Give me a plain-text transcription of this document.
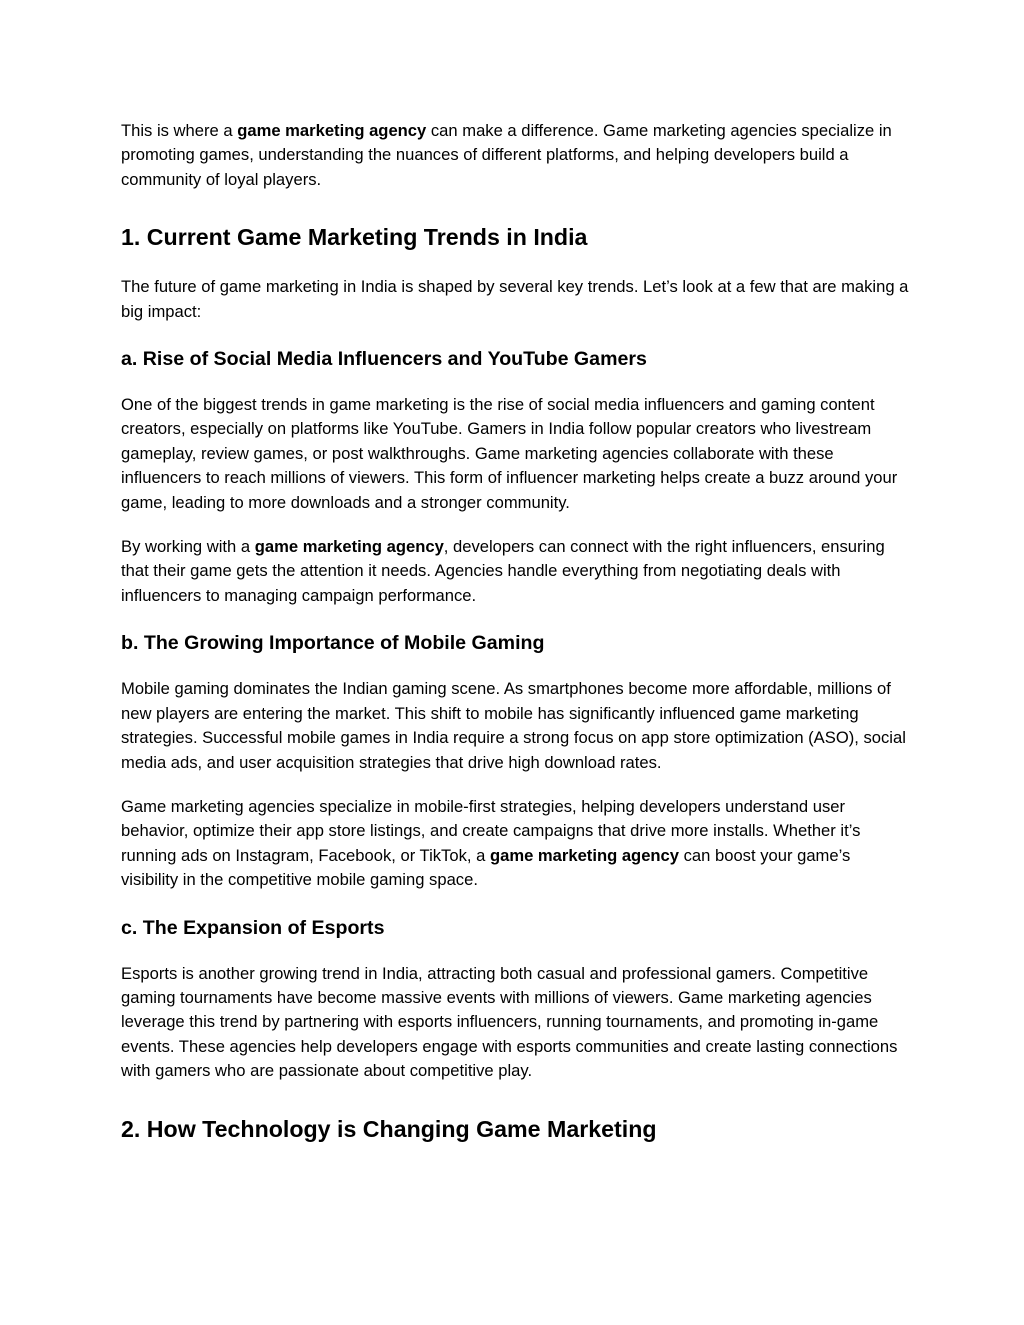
This is where a game marketing agency can make a difference. Game marketing agencies specialize in promoting games, understanding the nuances of different platforms, and helping developers build a community of loyal players.

1. Current Game Marketing Trends in India

The future of game marketing in India is shaped by several key trends. Let’s look at a few that are making a big impact:

a. Rise of Social Media Influencers and YouTube Gamers

One of the biggest trends in game marketing is the rise of social media influencers and gaming content creators, especially on platforms like YouTube. Gamers in India follow popular creators who livestream gameplay, review games, or post walkthroughs. Game marketing agencies collaborate with these influencers to reach millions of viewers. This form of influencer marketing helps create a buzz around your game, leading to more downloads and a stronger community.

By working with a game marketing agency, developers can connect with the right influencers, ensuring that their game gets the attention it needs. Agencies handle everything from negotiating deals with influencers to managing campaign performance.

b. The Growing Importance of Mobile Gaming

Mobile gaming dominates the Indian gaming scene. As smartphones become more affordable, millions of new players are entering the market. This shift to mobile has significantly influenced game marketing strategies. Successful mobile games in India require a strong focus on app store optimization (ASO), social media ads, and user acquisition strategies that drive high download rates.

Game marketing agencies specialize in mobile-first strategies, helping developers understand user behavior, optimize their app store listings, and create campaigns that drive more installs. Whether it’s running ads on Instagram, Facebook, or TikTok, a game marketing agency can boost your game’s visibility in the competitive mobile gaming space.

c. The Expansion of Esports

Esports is another growing trend in India, attracting both casual and professional gamers. Competitive gaming tournaments have become massive events with millions of viewers. Game marketing agencies leverage this trend by partnering with esports influencers, running tournaments, and promoting in-game events. These agencies help developers engage with esports communities and create lasting connections with gamers who are passionate about competitive play.

2. How Technology is Changing Game Marketing
